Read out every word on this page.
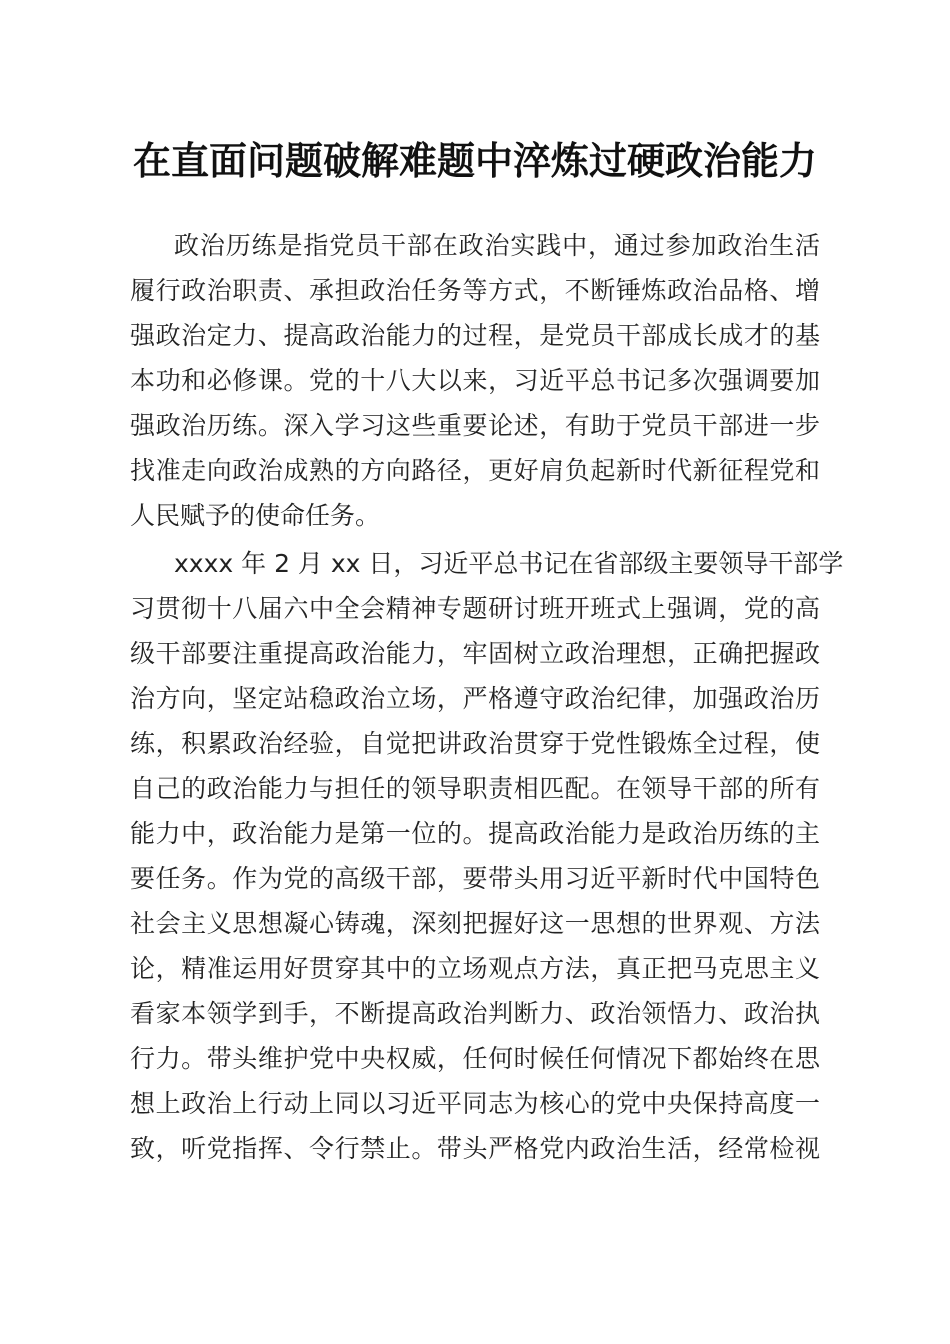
在直面问题破解难题中淬炼过硬政治能力
政治历练是指党员干部在政治实践中，通过参加政治生活
履行政治职责、承担政治任务等方式，不断锤炼政治品格、增
强政治定力、提高政治能力的过程，是党员干部成长成才的基
本功和必修课。党的十八大以来，习近平总书记多次强调要加
强政治历练。深入学习这些重要论述，有助于党员干部进一步
找准走向政治成熟的方向路径，更好肩负起新时代新征程党和
人民赋予的使命任务。
xxxx 年 2 月 xx 日，习近平总书记在省部级主要领导干部学
习贯彻十八届六中全会精神专题研讨班开班式上强调，党的高
级干部要注重提高政治能力，牢固树立政治理想，正确把握政
治方向，坚定站稳政治立场，严格遵守政治纪律，加强政治历
练，积累政治经验，自觉把讲政治贯穿于党性锻炼全过程，使
自己的政治能力与担任的领导职责相匹配。在领导干部的所有
能力中，政治能力是第一位的。提高政治能力是政治历练的主
要任务。作为党的高级干部，要带头用习近平新时代中国特色
社会主义思想凝心铸魂，深刻把握好这一思想的世界观、方法
论，精准运用好贯穿其中的立场观点方法，真正把马克思主义
看家本领学到手，不断提高政治判断力、政治领悟力、政治执
行力。带头维护党中央权威，任何时候任何情况下都始终在思
想上政治上行动上同以习近平同志为核心的党中央保持高度一
致，听党指挥、令行禁止。带头严格党内政治生活，经常检视
